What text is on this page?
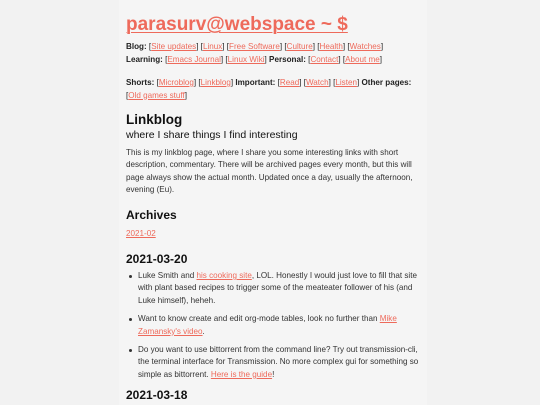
parasurv@webspace ~ $
Blog: [Site updates] [Linux] [Free Software] [Culture] [Health] [Watches] Learning: [Emacs Journal] [Linux Wiki] Personal: [Contact] [About me]
Shorts: [Microblog] [Linkblog] Important: [Read] [Watch] [Listen] Other pages: [Old games stuff]
Linkblog
where I share things I find interesting
This is my linkblog page, where I share you some interesting links with short description, commentary. There will be archived pages every month, but this will page always show the actual month. Updated once a day, usually the afternoon, evening (Eu).
Archives
2021-02
2021-03-20
Luke Smith and his cooking site, LOL. Honestly I would just love to fill that site with plant based recipes to trigger some of the meateater follower of his (and Luke himself), heheh.
Want to know create and edit org-mode tables, look no further than Mike Zamansky's video.
Do you want to use bittorrent from the command line? Try out transmission-cli, the terminal interface for Transmission. No more complex gui for something so simple as bittorrent. Here is the guide!
2021-03-18
